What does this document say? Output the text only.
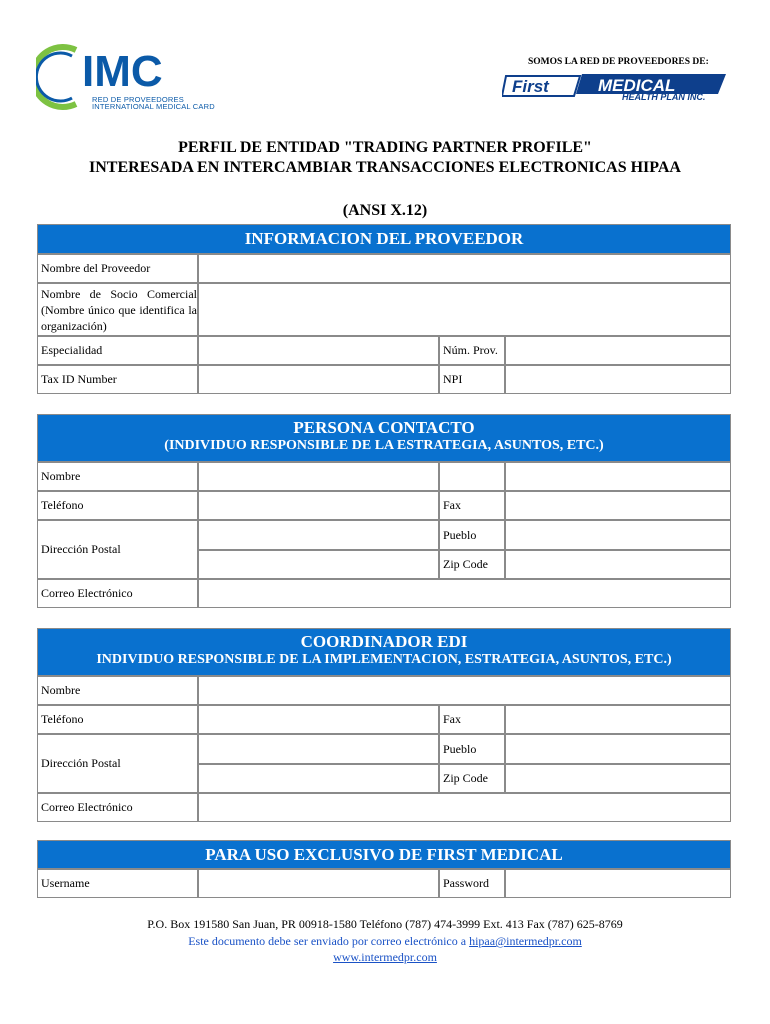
IMC
RED DE PROVEEDORES
INTERNATIONAL MEDICAL CARD
SOMOS LA RED DE PROVEEDORES DE:
First	MEDICAL
HEALTH PLAN INC.
PERFIL DE ENTIDAD "TRADING PARTNER PROFILE"
INTERESADA EN INTERCAMBIAR TRANSACCIONES ELECTRONICAS HIPAA
(ANSI X.12)
INFORMACION DEL PROVEEDOR
Nombre del Proveedor
Nombre de Socio Comercial (Nombre único que identifica la organización)
Especialidad	Núm. Prov.
Tax ID Number	NPI
PERSONA CONTACTO
(INDIVIDUO RESPONSIBLE DE LA ESTRATEGIA, ASUNTOS, ETC.)
Nombre
Teléfono	Fax
Dirección Postal
Pueblo
Zip Code
Correo Electrónico
COORDINADOR EDI
INDIVIDUO RESPONSIBLE DE LA IMPLEMENTACION, ESTRATEGIA, ASUNTOS, ETC.)
Nombre
Teléfono	Fax
Dirección Postal
Pueblo
Zip Code
Correo Electrónico
PARA USO EXCLUSIVO DE FIRST MEDICAL
Username	Password
P.O. Box 191580 San Juan, PR 00918-1580 Teléfono (787) 474-3999 Ext. 413 Fax (787) 625-8769
Este documento debe ser enviado por correo electrónico a hipaa@intermedpr.com
www.intermedpr.com
